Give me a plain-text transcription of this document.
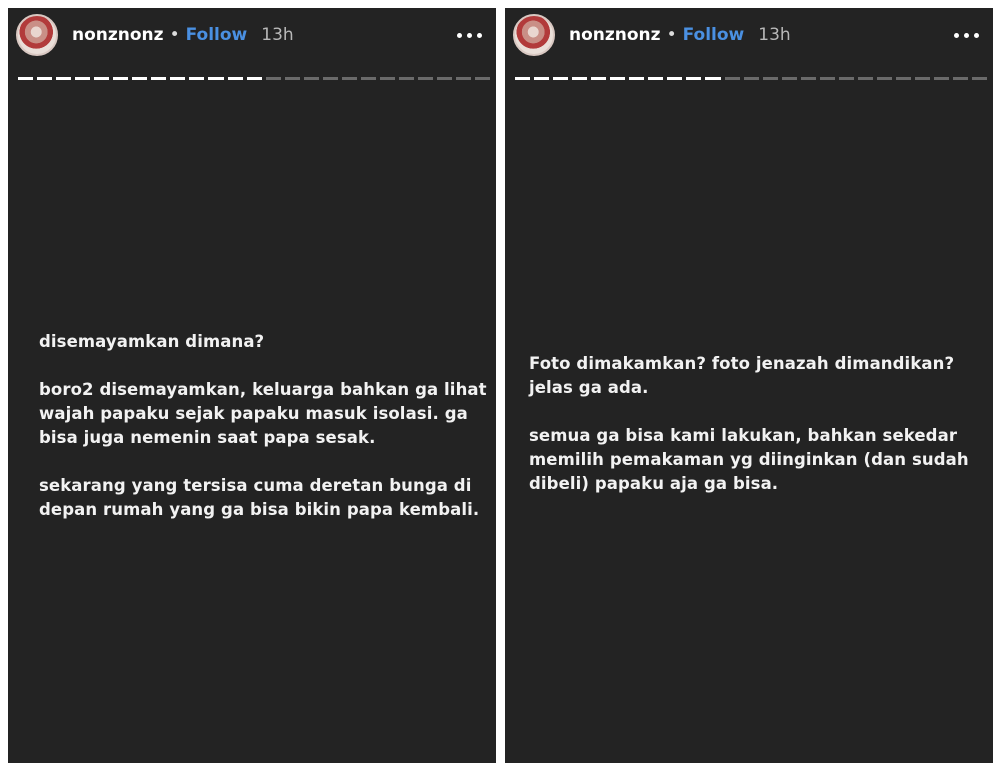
nonznonz • Follow 13h

disemayamkan dimana?

boro2 disemayamkan, keluarga bahkan ga lihat wajah papaku sejak papaku masuk isolasi. ga bisa juga nemenin saat papa sesak.

sekarang yang tersisa cuma deretan bunga di depan rumah yang ga bisa bikin papa kembali.

nonznonz • Follow 13h

Foto dimakamkan? foto jenazah dimandikan? jelas ga ada.

semua ga bisa kami lakukan, bahkan sekedar memilih pemakaman yg diinginkan (dan sudah dibeli) papaku aja ga bisa.
